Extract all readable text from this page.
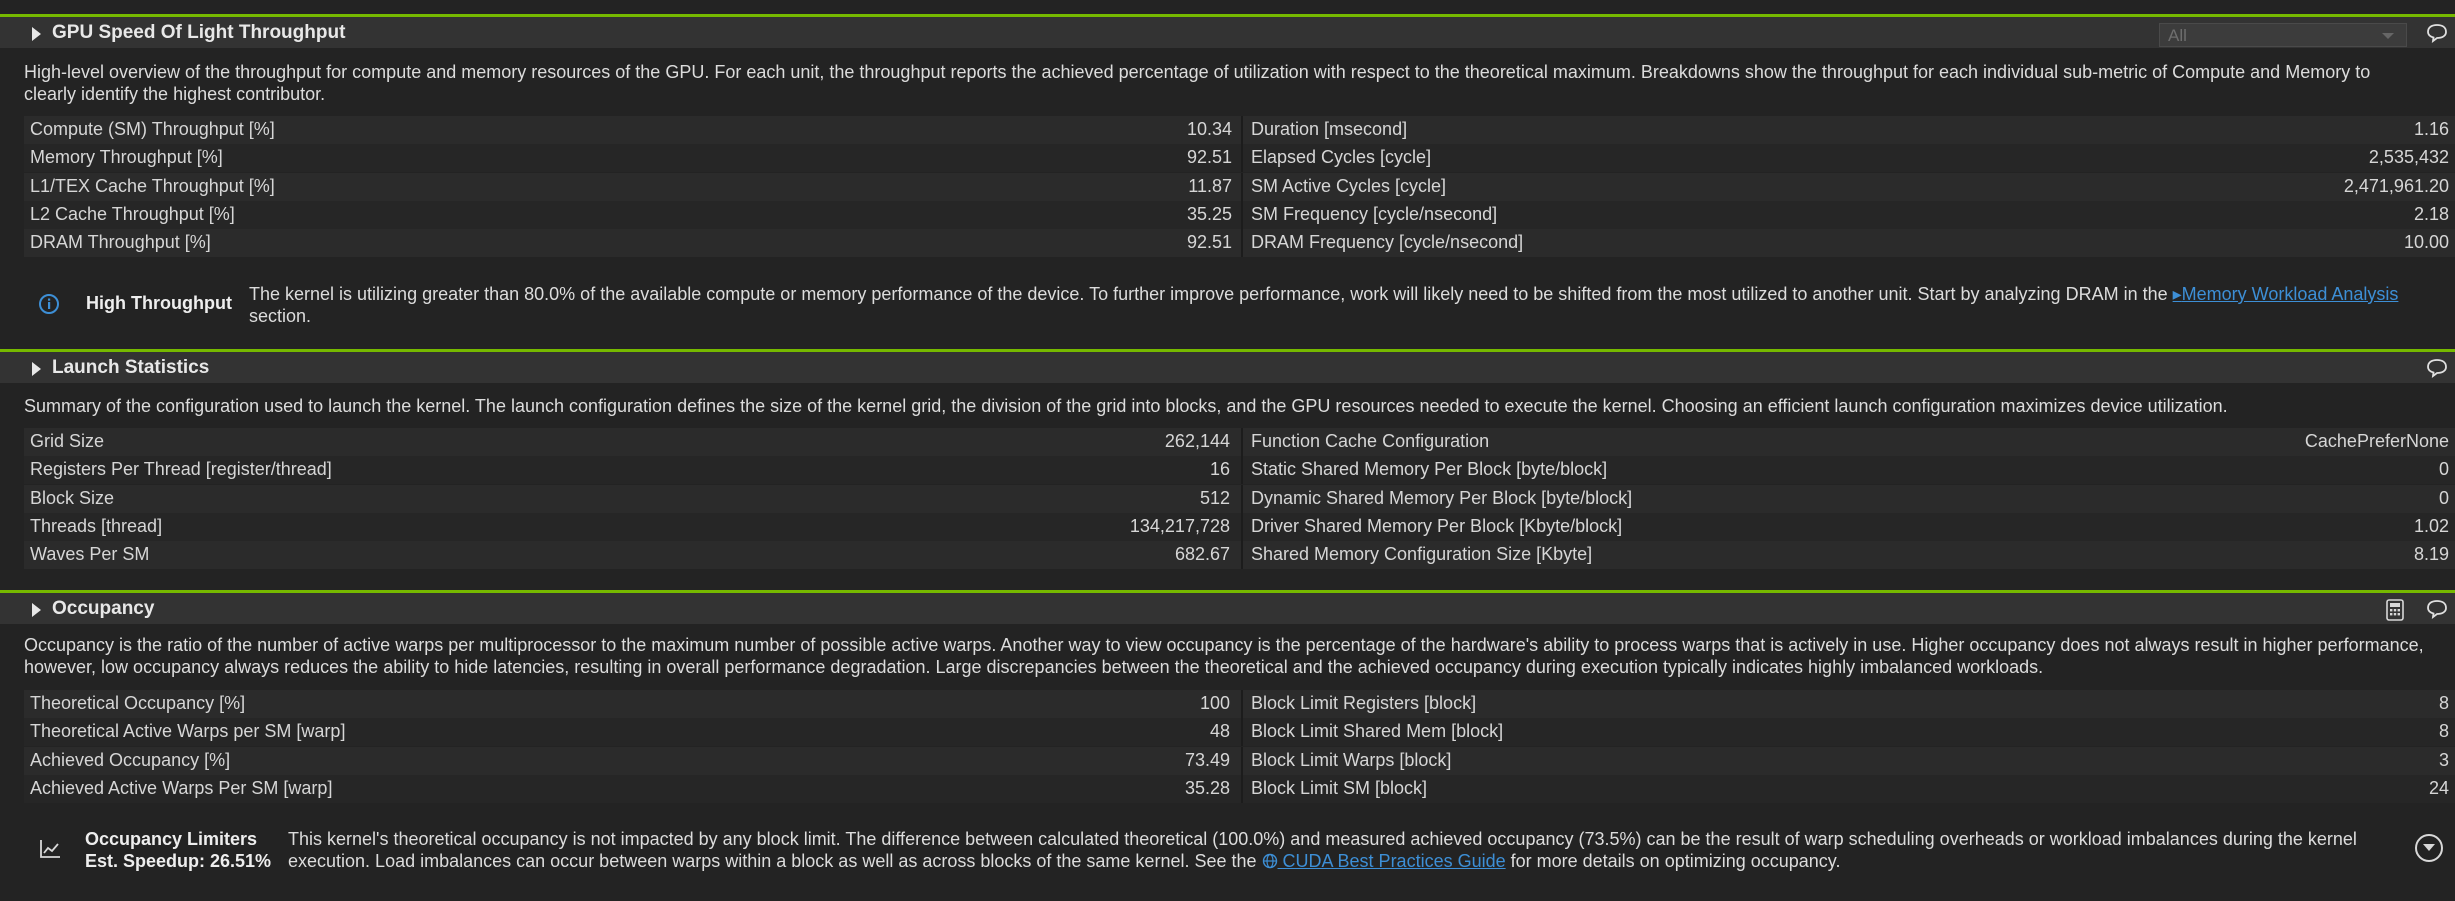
GPU Speed Of Light Throughput	All
High-level overview of the throughput for compute and memory resources of the GPU. For each unit, the throughput reports the achieved percentage of utilization with respect to the theoretical maximum. Breakdowns show the throughput for each individual sub-metric of Compute and Memory to clearly identify the highest contributor.
Compute (SM) Throughput [%]	10.34 Duration [msecond]	1.16
Memory Throughput [%]	92.51 Elapsed Cycles [cycle]	2,535,432
L1/TEX Cache Throughput [%]	11.87 SM Active Cycles [cycle]	2,471,961.20
L2 Cache Throughput [%]	35.25 SM Frequency [cycle/nsecond]	2.18
DRAM Throughput [%]	92.51 DRAM Frequency [cycle/nsecond]	10.00
High Throughput The kernel is utilizing greater than 80.0% of the available compute or memory performance of the device. To further improve performance, work will likely need to be shifted from the most utilized to another unit. Start by analyzing DRAM in the ▸Memory Workload Analysis
section.
Launch Statistics
Summary of the configuration used to launch the kernel. The launch configuration defines the size of the kernel grid, the division of the grid into blocks, and the GPU resources needed to execute the kernel. Choosing an efficient launch configuration maximizes device utilization.
Grid Size	262,144 Function Cache Configuration	CachePreferNone
Registers Per Thread [register/thread]	16 Static Shared Memory Per Block [byte/block]	0
Block Size	512 Dynamic Shared Memory Per Block [byte/block]	0
Threads [thread]	134,217,728 Driver Shared Memory Per Block [Kbyte/block]	1.02
Waves Per SM	682.67 Shared Memory Configuration Size [Kbyte]	8.19
Occupancy
Occupancy is the ratio of the number of active warps per multiprocessor to the maximum number of possible active warps. Another way to view occupancy is the percentage of the hardware's ability to process warps that is actively in use. Higher occupancy does not always result in higher performance,
however, low occupancy always reduces the ability to hide latencies, resulting in overall performance degradation. Large discrepancies between the theoretical and the achieved occupancy during execution typically indicates highly imbalanced workloads.
Theoretical Occupancy [%]	100 Block Limit Registers [block]	8
Theoretical Active Warps per SM [warp]	48 Block Limit Shared Mem [block]	8
Achieved Occupancy [%]	73.49 Block Limit Warps [block]	3
Achieved Active Warps Per SM [warp]	35.28 Block Limit SM [block]	24
Occupancy Limiters
Est. Speedup: 26.51%
This kernel's theoretical occupancy is not impacted by any block limit. The difference between calculated theoretical (100.0%) and measured achieved occupancy (73.5%) can be the result of warp scheduling overheads or workload imbalances during the kernel
execution. Load imbalances can occur between warps within a block as well as across blocks of the same kernel. See the  CUDA Best Practices Guide for more details on optimizing occupancy.
